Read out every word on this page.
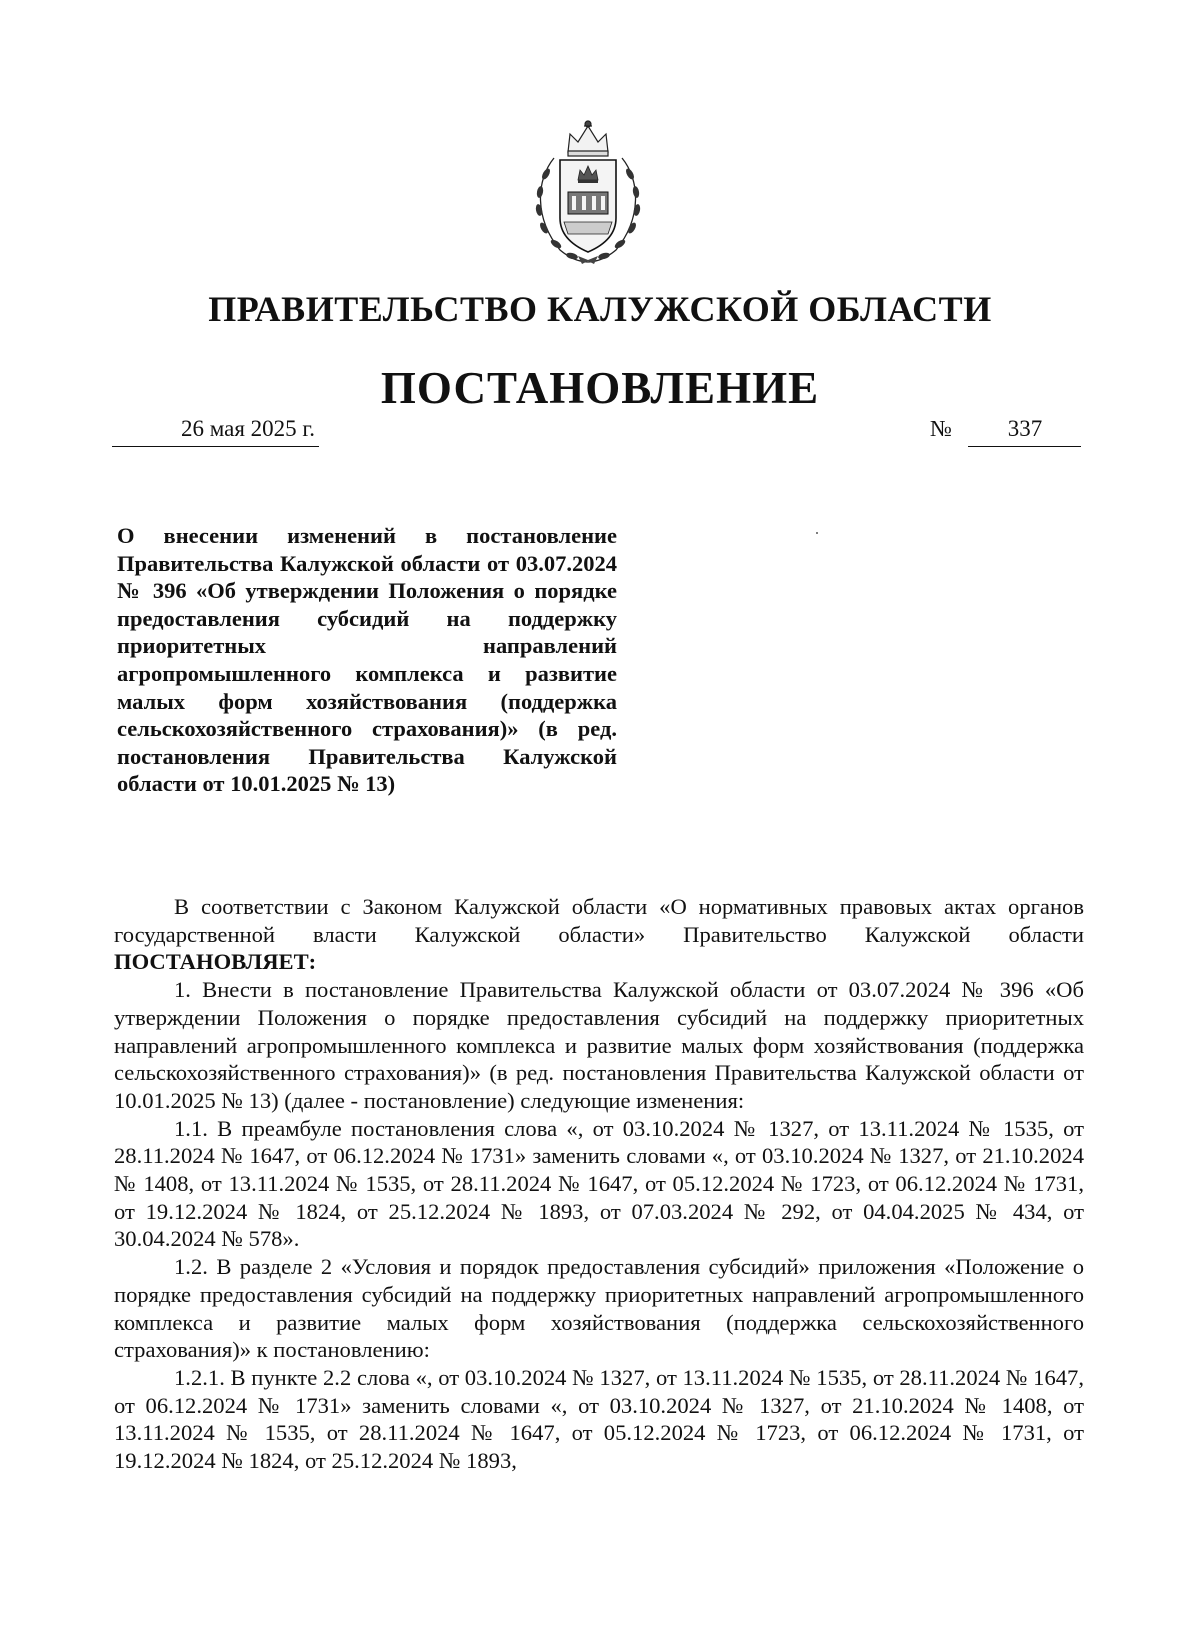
ПРАВИТЕЛЬСТВО КАЛУЖСКОЙ ОБЛАСТИ
ПОСТАНОВЛЕНИЕ
26 мая 2025 г.	№	337

О внесении изменений в постановление Правительства Калужской области от 03.07.2024 № 396 «Об утверждении Положения о порядке предоставления субсидий на поддержку приоритетных направлений агропромышленного комплекса и развитие малых форм хозяйствования (поддержка сельскохозяйственного страхования)» (в ред. постановления Правительства Калужской области от 10.01.2025 № 13)

В соответствии с Законом Калужской области «О нормативных правовых актах органов государственной власти Калужской области» Правительство Калужской области ПОСТАНОВЛЯЕТ:

1. Внести в постановление Правительства Калужской области от 03.07.2024 № 396 «Об утверждении Положения о порядке предоставления субсидий на поддержку приоритетных направлений агропромышленного комплекса и развитие малых форм хозяйствования (поддержка сельскохозяйственного страхования)» (в ред. постановления Правительства Калужской области от 10.01.2025 № 13) (далее - постановление) следующие изменения:

1.1. В преамбуле постановления слова «, от 03.10.2024 № 1327, от 13.11.2024 № 1535, от 28.11.2024 № 1647, от 06.12.2024 № 1731» заменить словами «, от 03.10.2024 № 1327, от 21.10.2024 № 1408, от 13.11.2024 № 1535, от 28.11.2024 № 1647, от 05.12.2024 № 1723, от 06.12.2024 № 1731, от 19.12.2024 № 1824, от 25.12.2024 № 1893, от 07.03.2024 № 292, от 04.04.2025 № 434, от 30.04.2024 № 578».

1.2. В разделе 2 «Условия и порядок предоставления субсидий» приложения «Положение о порядке предоставления субсидий на поддержку приоритетных направлений агропромышленного комплекса и развитие малых форм хозяйствования (поддержка сельскохозяйственного страхования)» к постановлению:

1.2.1. В пункте 2.2 слова «, от 03.10.2024 № 1327, от 13.11.2024 № 1535, от 28.11.2024 № 1647, от 06.12.2024 № 1731» заменить словами «, от 03.10.2024 № 1327, от 21.10.2024 № 1408, от 13.11.2024 № 1535, от 28.11.2024 № 1647, от 05.12.2024 № 1723, от 06.12.2024 № 1731, от 19.12.2024 № 1824, от 25.12.2024 № 1893,
